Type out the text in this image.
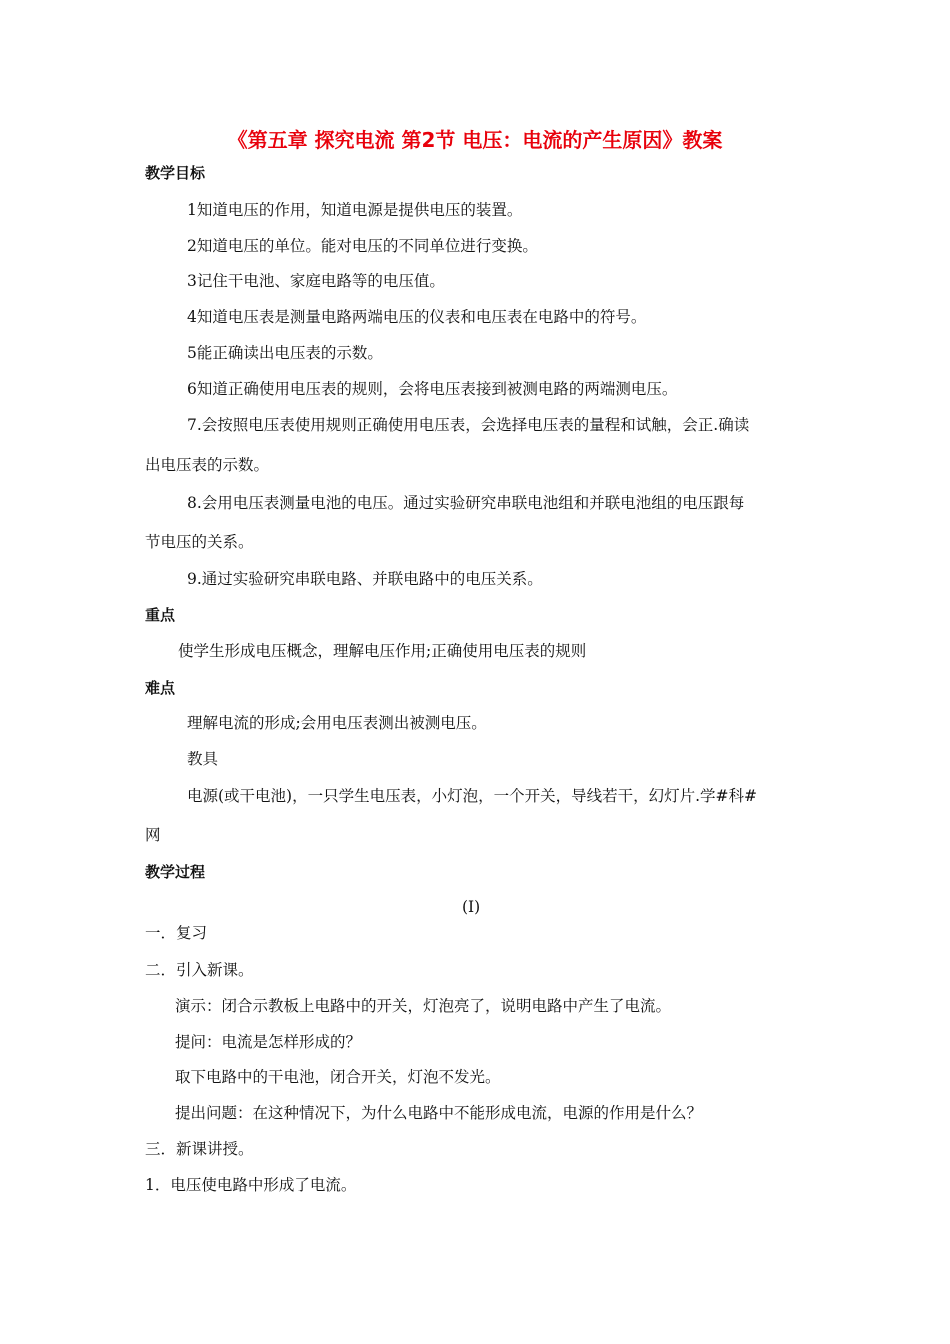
《第五章 探究电流 第2节 电压：电流的产生原因》教案
教学目标
1知道电压的作用，知道电源是提供电压的装置。
2知道电压的单位。能对电压的不同单位进行变换。
3记住干电池、家庭电路等的电压值。
4知道电压表是测量电路两端电压的仪表和电压表在电路中的符号。
5能正确读出电压表的示数。
6知道正确使用电压表的规则，会将电压表接到被测电路的两端测电压。
7.会按照电压表使用规则正确使用电压表，会选择电压表的量程和试触，会正.确读
出电压表的示数。
8.会用电压表测量电池的电压。通过实验研究串联电池组和并联电池组的电压跟每
节电压的关系。
9.通过实验研究串联电路、并联电路中的电压关系。
重点
使学生形成电压概念，理解电压作用;正确使用电压表的规则
难点
理解电流的形成;会用电压表测出被测电压。
教具
电源(或干电池)，一只学生电压表，小灯泡，一个开关，导线若干，幻灯片.学#科#
网
教学过程
(I)
一．复习
二．引入新课。
演示：闭合示教板上电路中的开关，灯泡亮了，说明电路中产生了电流。
提问：电流是怎样形成的？
取下电路中的干电池，闭合开关，灯泡不发光。
提出问题：在这种情况下，为什么电路中不能形成电流，电源的作用是什么？
三．新课讲授。
1．电压使电路中形成了电流。
